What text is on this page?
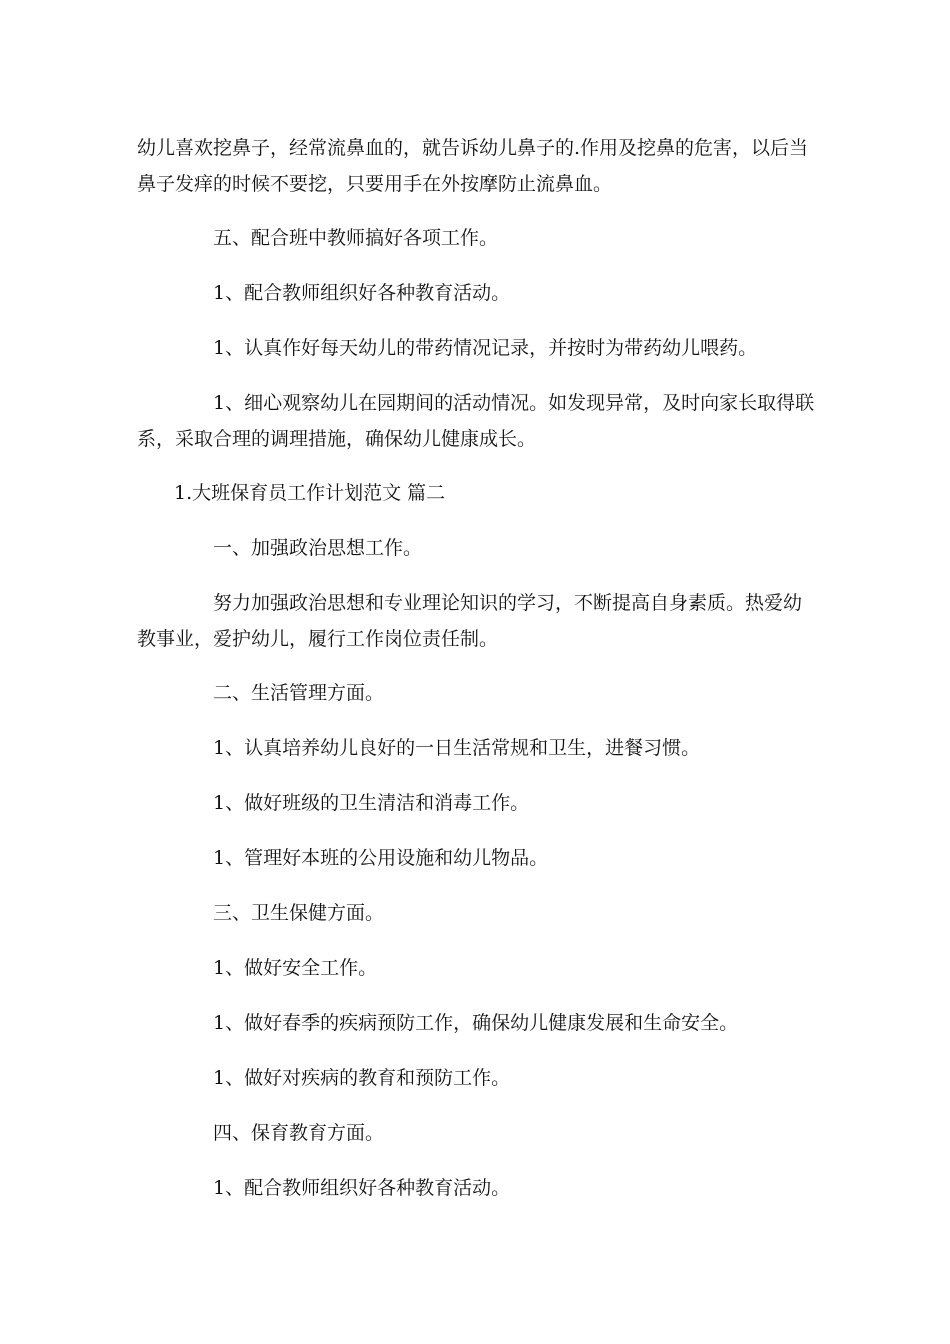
幼儿喜欢挖鼻子，经常流鼻血的，就告诉幼儿鼻子的.作用及挖鼻的危害，以后当鼻子发痒的时候不要挖，只要用手在外按摩防止流鼻血。

五、配合班中教师搞好各项工作。

1、配合教师组织好各种教育活动。

1、认真作好每天幼儿的带药情况记录，并按时为带药幼儿喂药。

1、细心观察幼儿在园期间的活动情况。如发现异常，及时向家长取得联系，采取合理的调理措施，确保幼儿健康成长。

1.大班保育员工作计划范文 篇二

一、加强政治思想工作。

努力加强政治思想和专业理论知识的学习，不断提高自身素质。热爱幼教事业，爱护幼儿，履行工作岗位责任制。

二、生活管理方面。

1、认真培养幼儿良好的一日生活常规和卫生，进餐习惯。

1、做好班级的卫生清洁和消毒工作。

1、管理好本班的公用设施和幼儿物品。

三、卫生保健方面。

1、做好安全工作。

1、做好春季的疾病预防工作，确保幼儿健康发展和生命安全。

1、做好对疾病的教育和预防工作。

四、保育教育方面。

1、配合教师组织好各种教育活动。
